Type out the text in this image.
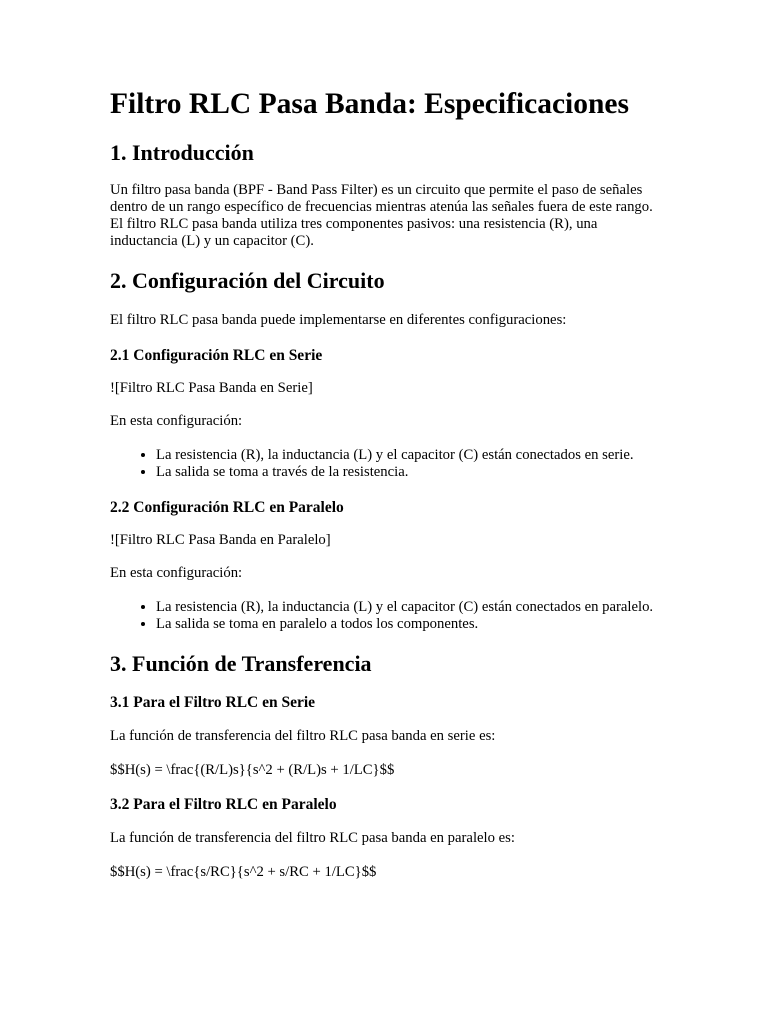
Filtro RLC Pasa Banda: Especificaciones
1. Introducción

Un filtro pasa banda (BPF - Band Pass Filter) es un circuito que permite el paso de señales dentro de un rango específico de frecuencias mientras atenúa las señales fuera de este rango. El filtro RLC pasa banda utiliza tres componentes pasivos: una resistencia (R), una inductancia (L) y un capacitor (C).

2. Configuración del Circuito

El filtro RLC pasa banda puede implementarse en diferentes configuraciones:

2.1 Configuración RLC en Serie

![Filtro RLC Pasa Banda en Serie]

En esta configuración:

• La resistencia (R), la inductancia (L) y el capacitor (C) están conectados en serie.
• La salida se toma a través de la resistencia.
2.2 Configuración RLC en Paralelo

![Filtro RLC Pasa Banda en Paralelo]

En esta configuración:

• La resistencia (R), la inductancia (L) y el capacitor (C) están conectados en paralelo.
• La salida se toma en paralelo a todos los componentes.
3. Función de Transferencia
3.1 Para el Filtro RLC en Serie

La función de transferencia del filtro RLC pasa banda en serie es:

$$H(s) = \frac{(R/L)s}{s^2 + (R/L)s + 1/LC}$$

3.2 Para el Filtro RLC en Paralelo

La función de transferencia del filtro RLC pasa banda en paralelo es:

$$H(s) = \frac{s/RC}{s^2 + s/RC + 1/LC}$$
